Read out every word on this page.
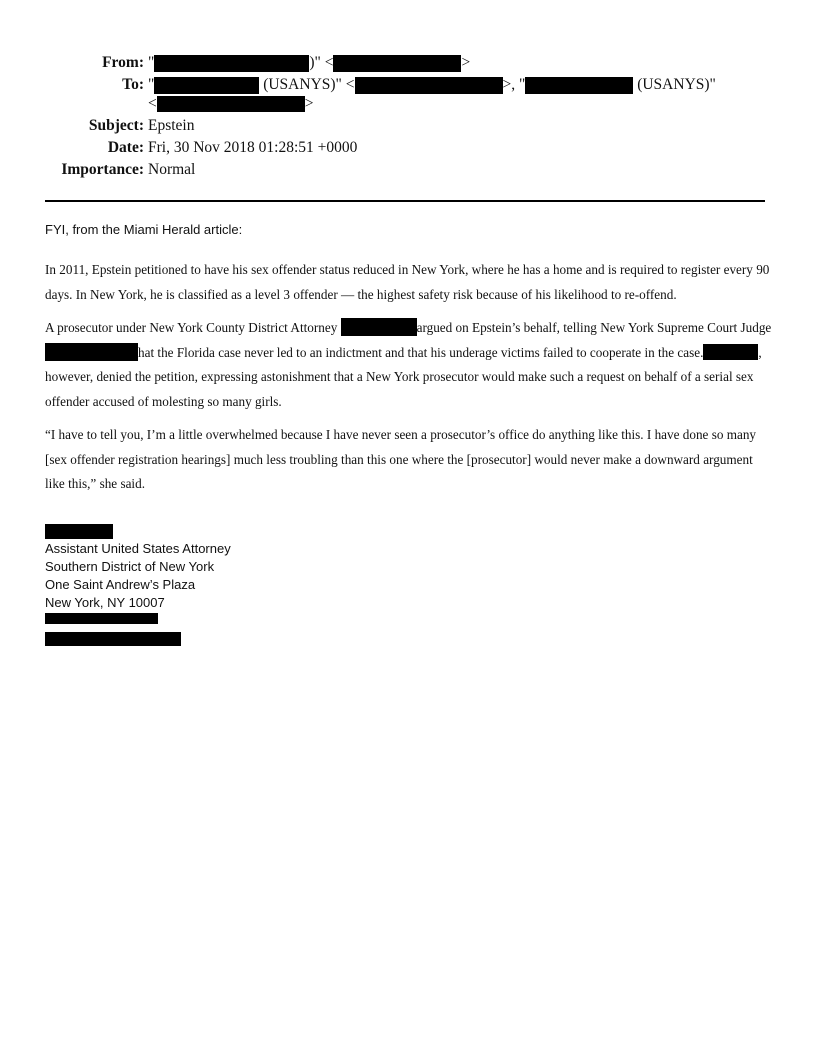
From: "	)" <	>
To: "	(USANYS)" <	>, "	(USANYS)"
<	>
Subject: Epstein
Date: Fri, 30 Nov 2018 01:28:51 +0000
Importance: Normal
FYI, from the Miami Herald article:
In 2011, Epstein petitioned to have his sex offender status reduced in New York, where he has a home and is required to register every 90 days. In New York, he is classified as a level 3 offender — the highest safety risk because of his likelihood to re-offend.
A prosecutor under New York County District Attorney	argued on Epstein’s behalf, telling New York Supreme Court Judgehat the Florida case never led to an indictment and that his underage victims failed to cooperate in the case.	, however, denied the petition, expressing astonishment that a New York prosecutor would make such a request on behalf of a serial sex offender accused of molesting so many girls.
“I have to tell you, I’m a little overwhelmed because I have never seen a prosecutor’s office do anything like this. I have done so many [sex offender registration hearings] much less troubling than this one where the [prosecutor] would never make a downward argument like this,” she said.
Assistant United States Attorney
Southern District of New York
One Saint Andrew’s Plaza
New York, NY 10007
